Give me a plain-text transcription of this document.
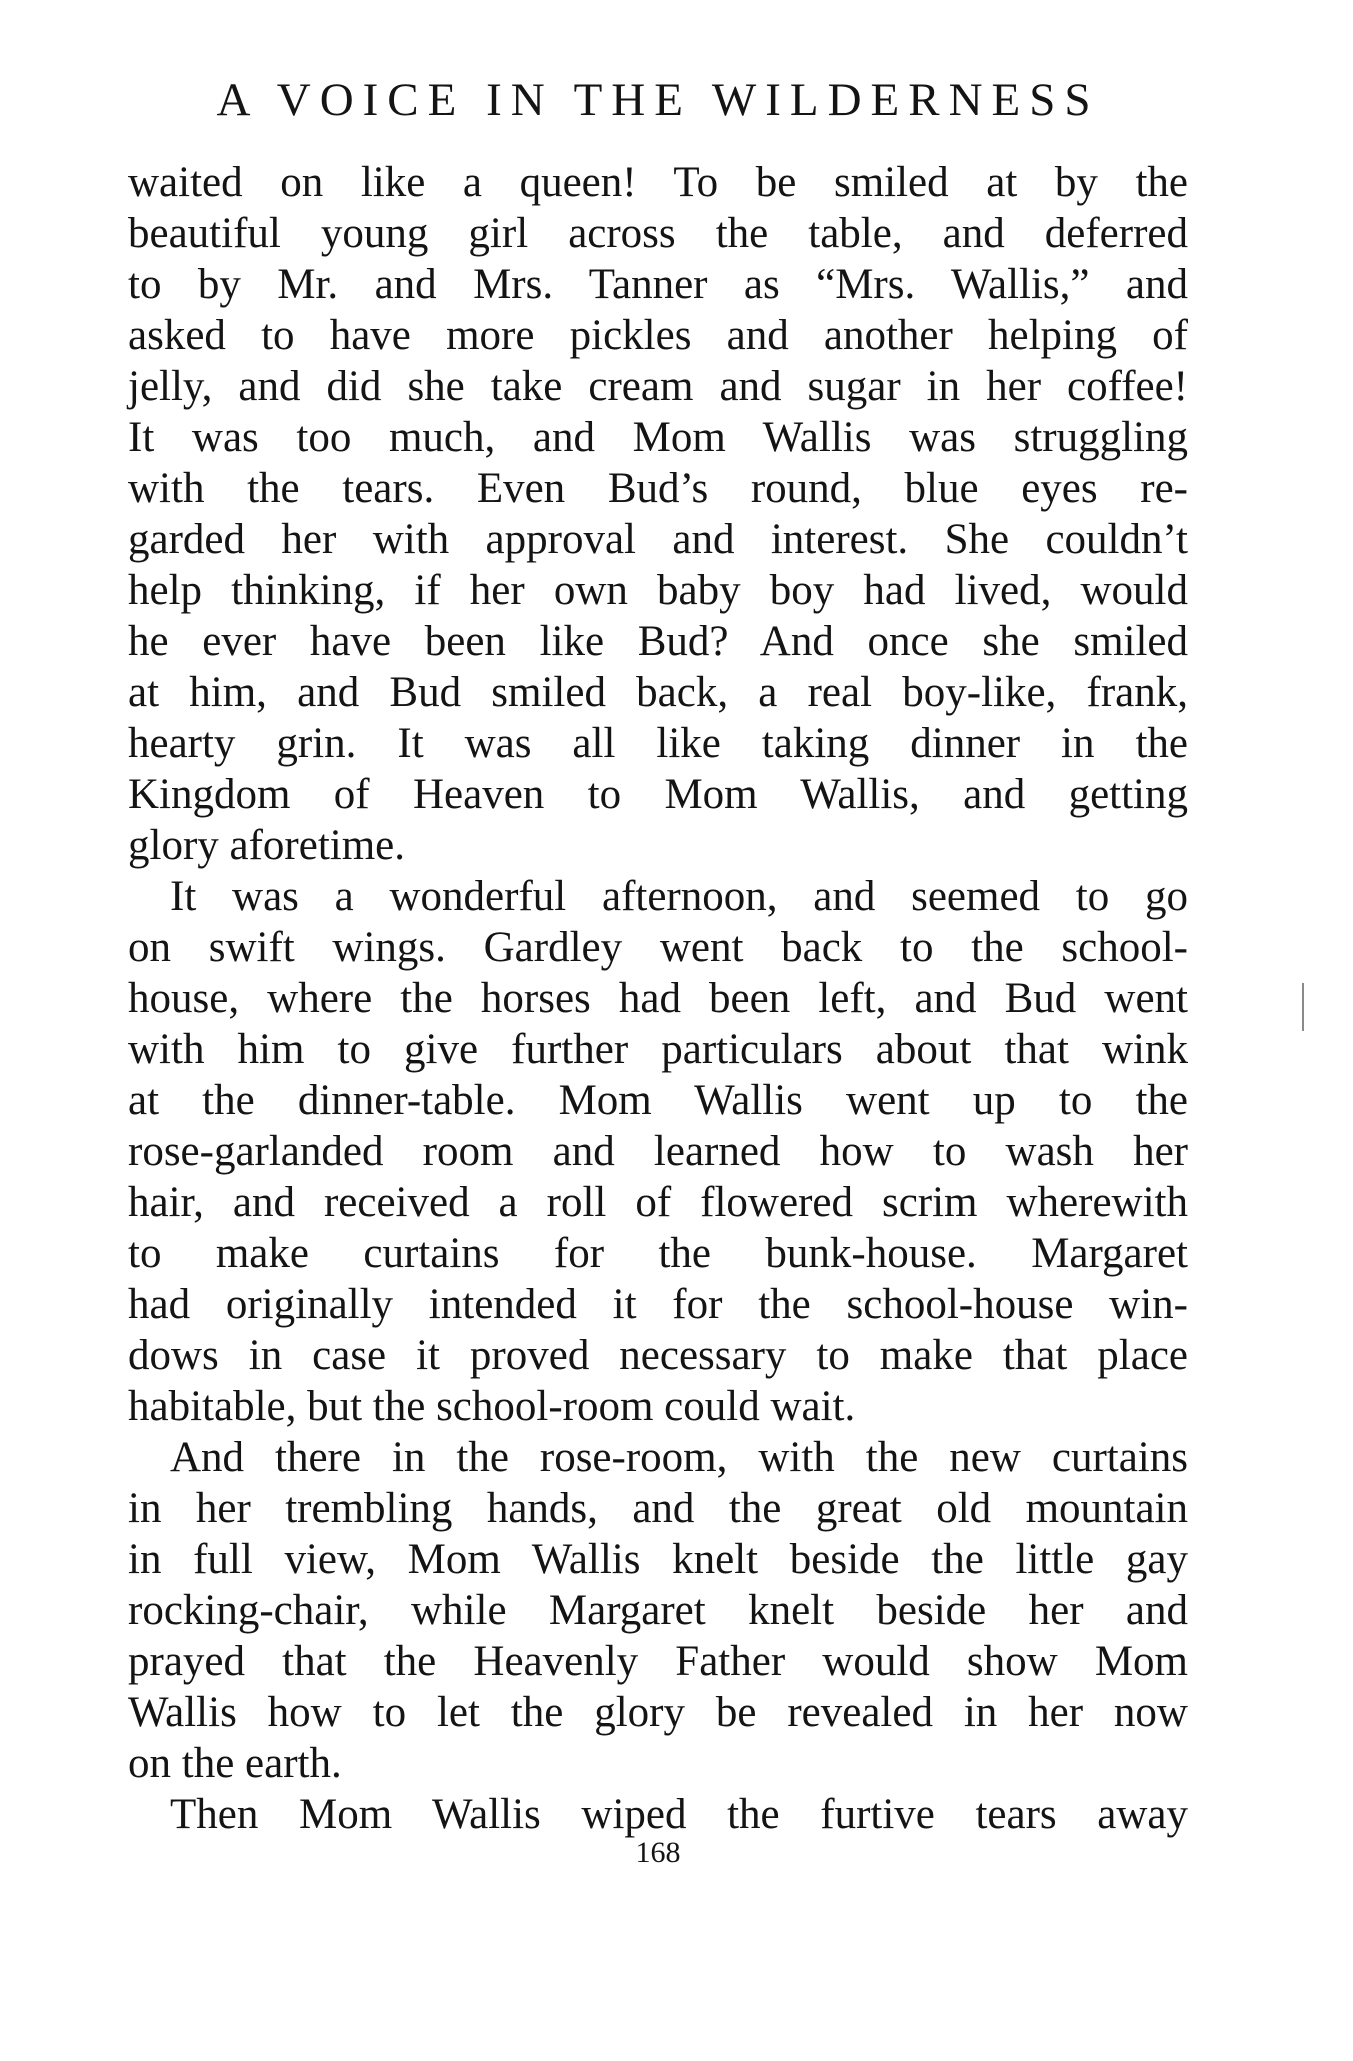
A VOICE IN THE WILDERNESS
waited on like a queen! To be smiled at by the
beautiful young girl across the table, and deferred
to by Mr. and Mrs. Tanner as “Mrs. Wallis,” and
asked to have more pickles and another helping of
jelly, and did she take cream and sugar in her coffee!
It was too much, and Mom Wallis was struggling
with the tears. Even Bud’s round, blue eyes re-
garded her with approval and interest. She couldn’t
help thinking, if her own baby boy had lived, would
he ever have been like Bud? And once she smiled
at him, and Bud smiled back, a real boy-like, frank,
hearty grin. It was all like taking dinner in the
Kingdom of Heaven to Mom Wallis, and getting
glory aforetime.
It was a wonderful afternoon, and seemed to go
on swift wings. Gardley went back to the school-
house, where the horses had been left, and Bud went
with him to give further particulars about that wink
at the dinner-table. Mom Wallis went up to the
rose-garlanded room and learned how to wash her
hair, and received a roll of flowered scrim wherewith
to make curtains for the bunk-house. Margaret
had originally intended it for the school-house win-
dows in case it proved necessary to make that place
habitable, but the school-room could wait.
And there in the rose-room, with the new curtains
in her trembling hands, and the great old mountain
in full view, Mom Wallis knelt beside the little gay
rocking-chair, while Margaret knelt beside her and
prayed that the Heavenly Father would show Mom
Wallis how to let the glory be revealed in her now
on the earth.
Then Mom Wallis wiped the furtive tears away
168
